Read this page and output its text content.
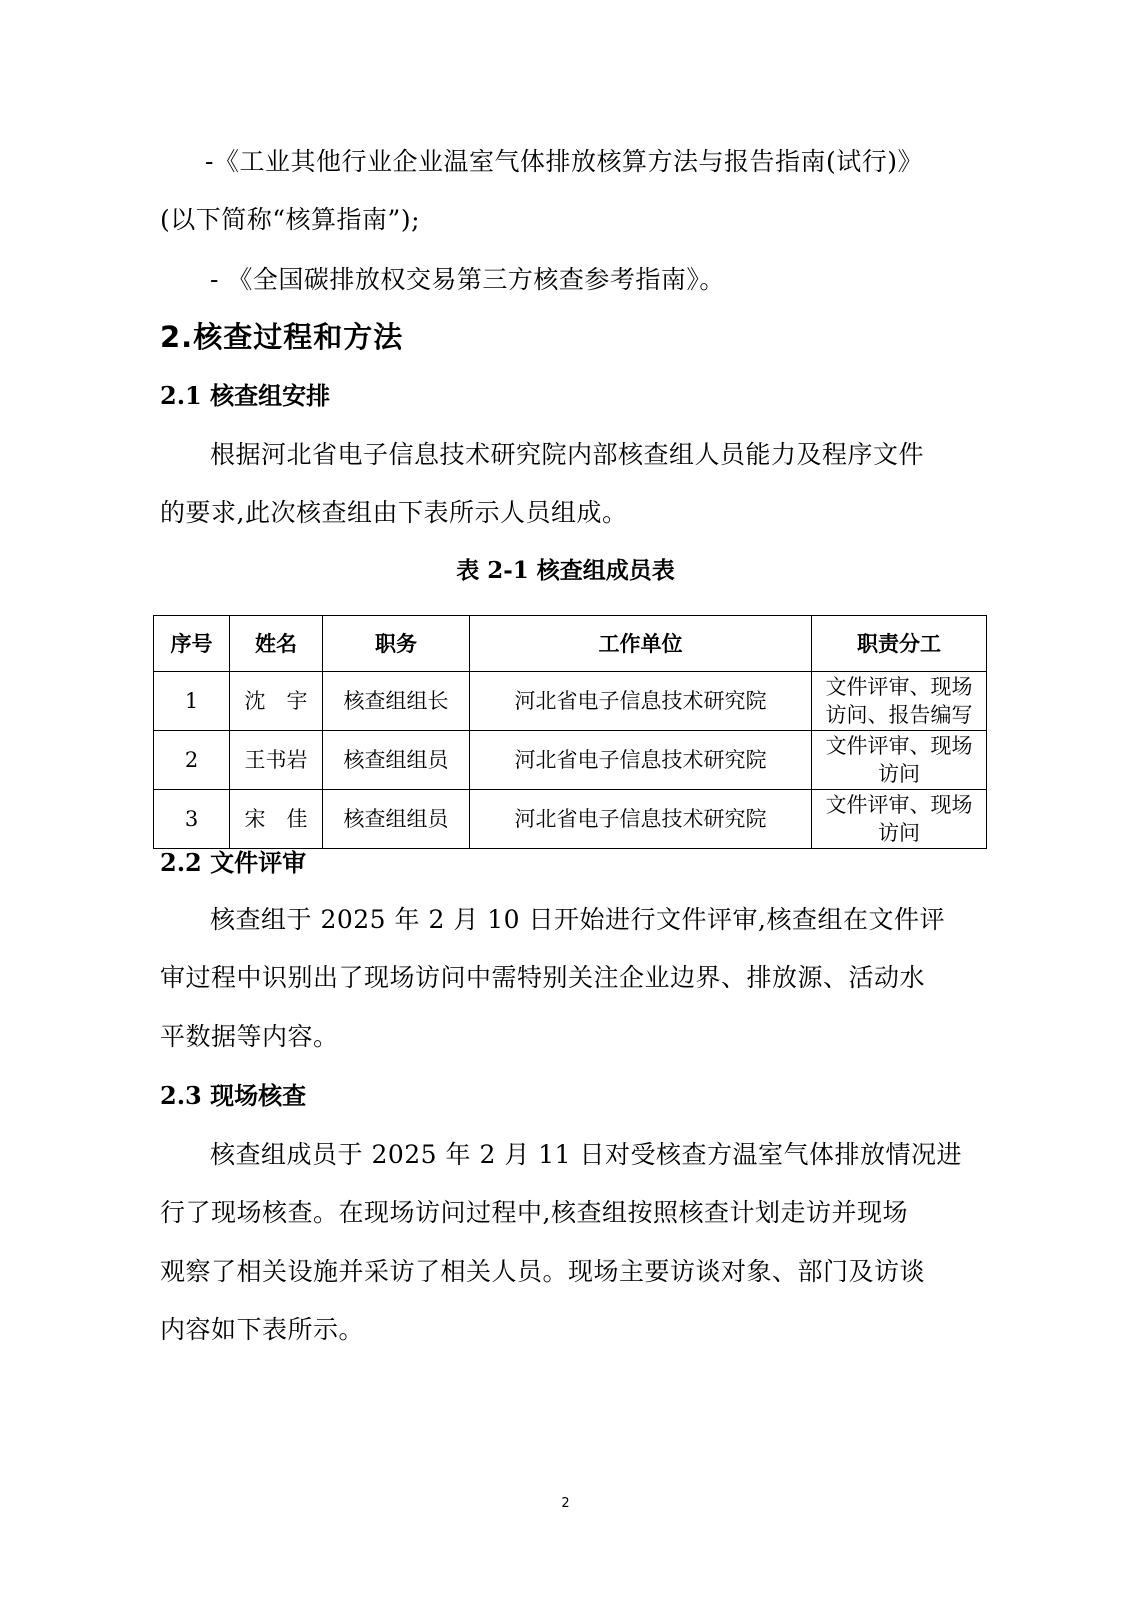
-《工业其他行业企业温室气体排放核算方法与报告指南(试行)》
(以下简称“核算指南”);
- 《全国碳排放权交易第三方核查参考指南》。
2.核查过程和方法
2.1 核查组安排
根据河北省电子信息技术研究院内部核查组人员能力及程序文件
的要求,此次核查组由下表所示人员组成。
表 2-1 核查组成员表
序号	姓名	职务	工作单位	职责分工
1	沈　宇	核查组组长	河北省电子信息技术研究院	文件评审、现场
访问、报告编写

2	王书岩	核查组组员	河北省电子信息技术研究院	文件评审、现场
访问

3	宋　佳	核查组组员	河北省电子信息技术研究院	文件评审、现场
访问
2.2 文件评审
核查组于 2025 年 2 月 10 日开始进行文件评审,核查组在文件评
审过程中识别出了现场访问中需特别关注企业边界、排放源、活动水
平数据等内容。
2.3 现场核查
核查组成员于 2025 年 2 月 11 日对受核查方温室气体排放情况进
行了现场核查。在现场访问过程中,核查组按照核查计划走访并现场
观察了相关设施并采访了相关人员。现场主要访谈对象、部门及访谈
内容如下表所示。
2
